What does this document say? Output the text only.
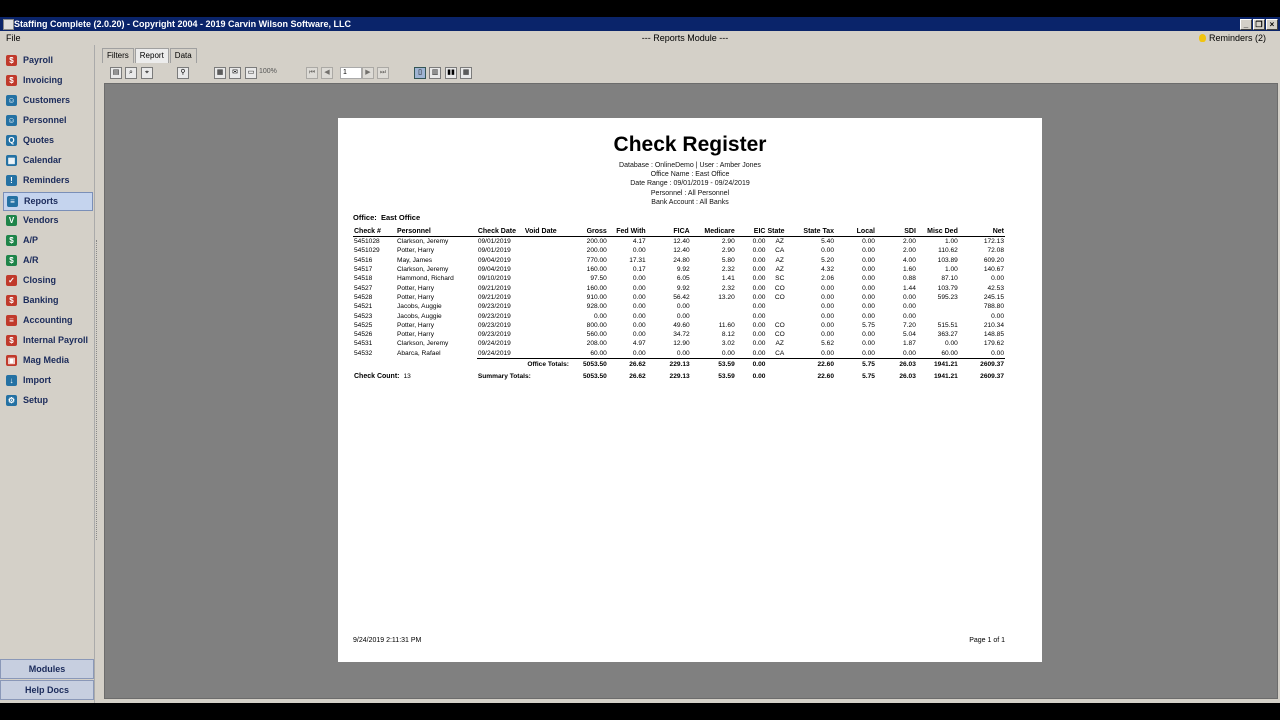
Staffing Complete (2.0.20) - Copyright 2004 - 2019 Carvin Wilson Software, LLC	_ ❐ ×
File	--- Reports Module ---	Reminders (2)
$	Payroll
$	Invoicing
☺ Customers
☺ Personnel
Q Quotes
▦ Calendar
!	Reminders
≡	Reports
V Vendors
$	A/P
$	A/R
✓ Closing
$	Banking
≡	Accounting
$	Internal Payroll
▣ Mag Media
↓	Import
⚙ Setup
Modules
Help Docs
Filters	Report	Data
▤	⌕	⌖	⚲	▦	✉	▭ 100%	⏮	◀	1	▶	⏭	▯	▥	▮▮	▦
Check Register
Database : OnlineDemo | User : Amber Jones
Office Name : East Office
Date Range : 09/01/2019 - 09/24/2019
Personnel : All Personnel
Bank Account : All Banks
Office: East Office
Check #	Personnel	Check Date	Void Date	Gross	Fed With	FICA	Medicare	EIC	State	State Tax	Local	SDI	Misc Ded	Net
5451028	Clarkson, Jeremy	09/01/2019		200.00	4.17	12.40	2.90	0.00	AZ	5.40	0.00	2.00	1.00	172.13
5451029	Potter, Harry	09/01/2019		200.00	0.00	12.40	2.90	0.00	CA	0.00	0.00	2.00	110.62	72.08
54516	May, James	09/04/2019		770.00	17.31	24.80	5.80	0.00	AZ	5.20	0.00	4.00	103.89	609.20
54517	Clarkson, Jeremy	09/04/2019		160.00	0.17	9.92	2.32	0.00	AZ	4.32	0.00	1.60	1.00	140.67
54518	Hammond, Richard	09/10/2019		97.50	0.00	6.05	1.41	0.00	SC	2.06	0.00	0.88	87.10	0.00
54527	Potter, Harry	09/21/2019		160.00	0.00	9.92	2.32	0.00	CO	0.00	0.00	1.44	103.79	42.53
54528	Potter, Harry	09/21/2019		910.00	0.00	56.42	13.20	0.00	CO	0.00	0.00	0.00	595.23	245.15
54521	Jacobs, Auggie	09/23/2019		928.00	0.00	0.00		0.00		0.00	0.00	0.00		788.80
54523	Jacobs, Auggie	09/23/2019		0.00	0.00	0.00		0.00		0.00	0.00	0.00		0.00
54525	Potter, Harry	09/23/2019		800.00	0.00	49.60	11.60	0.00	CO	0.00	5.75	7.20	515.51	210.34
54526	Potter, Harry	09/23/2019		560.00	0.00	34.72	8.12	0.00	CO	0.00	0.00	5.04	363.27	148.85
54531	Clarkson, Jeremy	09/24/2019		208.00	4.97	12.90	3.02	0.00	AZ	5.62	0.00	1.87	0.00	179.62
54532	Abarca, Rafael	09/24/2019		60.00	0.00	0.00	0.00	0.00	CA	0.00	0.00	0.00	60.00	0.00
		Office Totals:		5053.50	26.62	229.13	53.59	0.00		22.60	5.75	26.03	1941.21	2609.37
Check Count: 13		Summary Totals:		5053.50	26.62	229.13	53.59	0.00		22.60	5.75	26.03	1941.21	2609.37
9/24/2019 2:11:31 PM	Page 1 of 1
